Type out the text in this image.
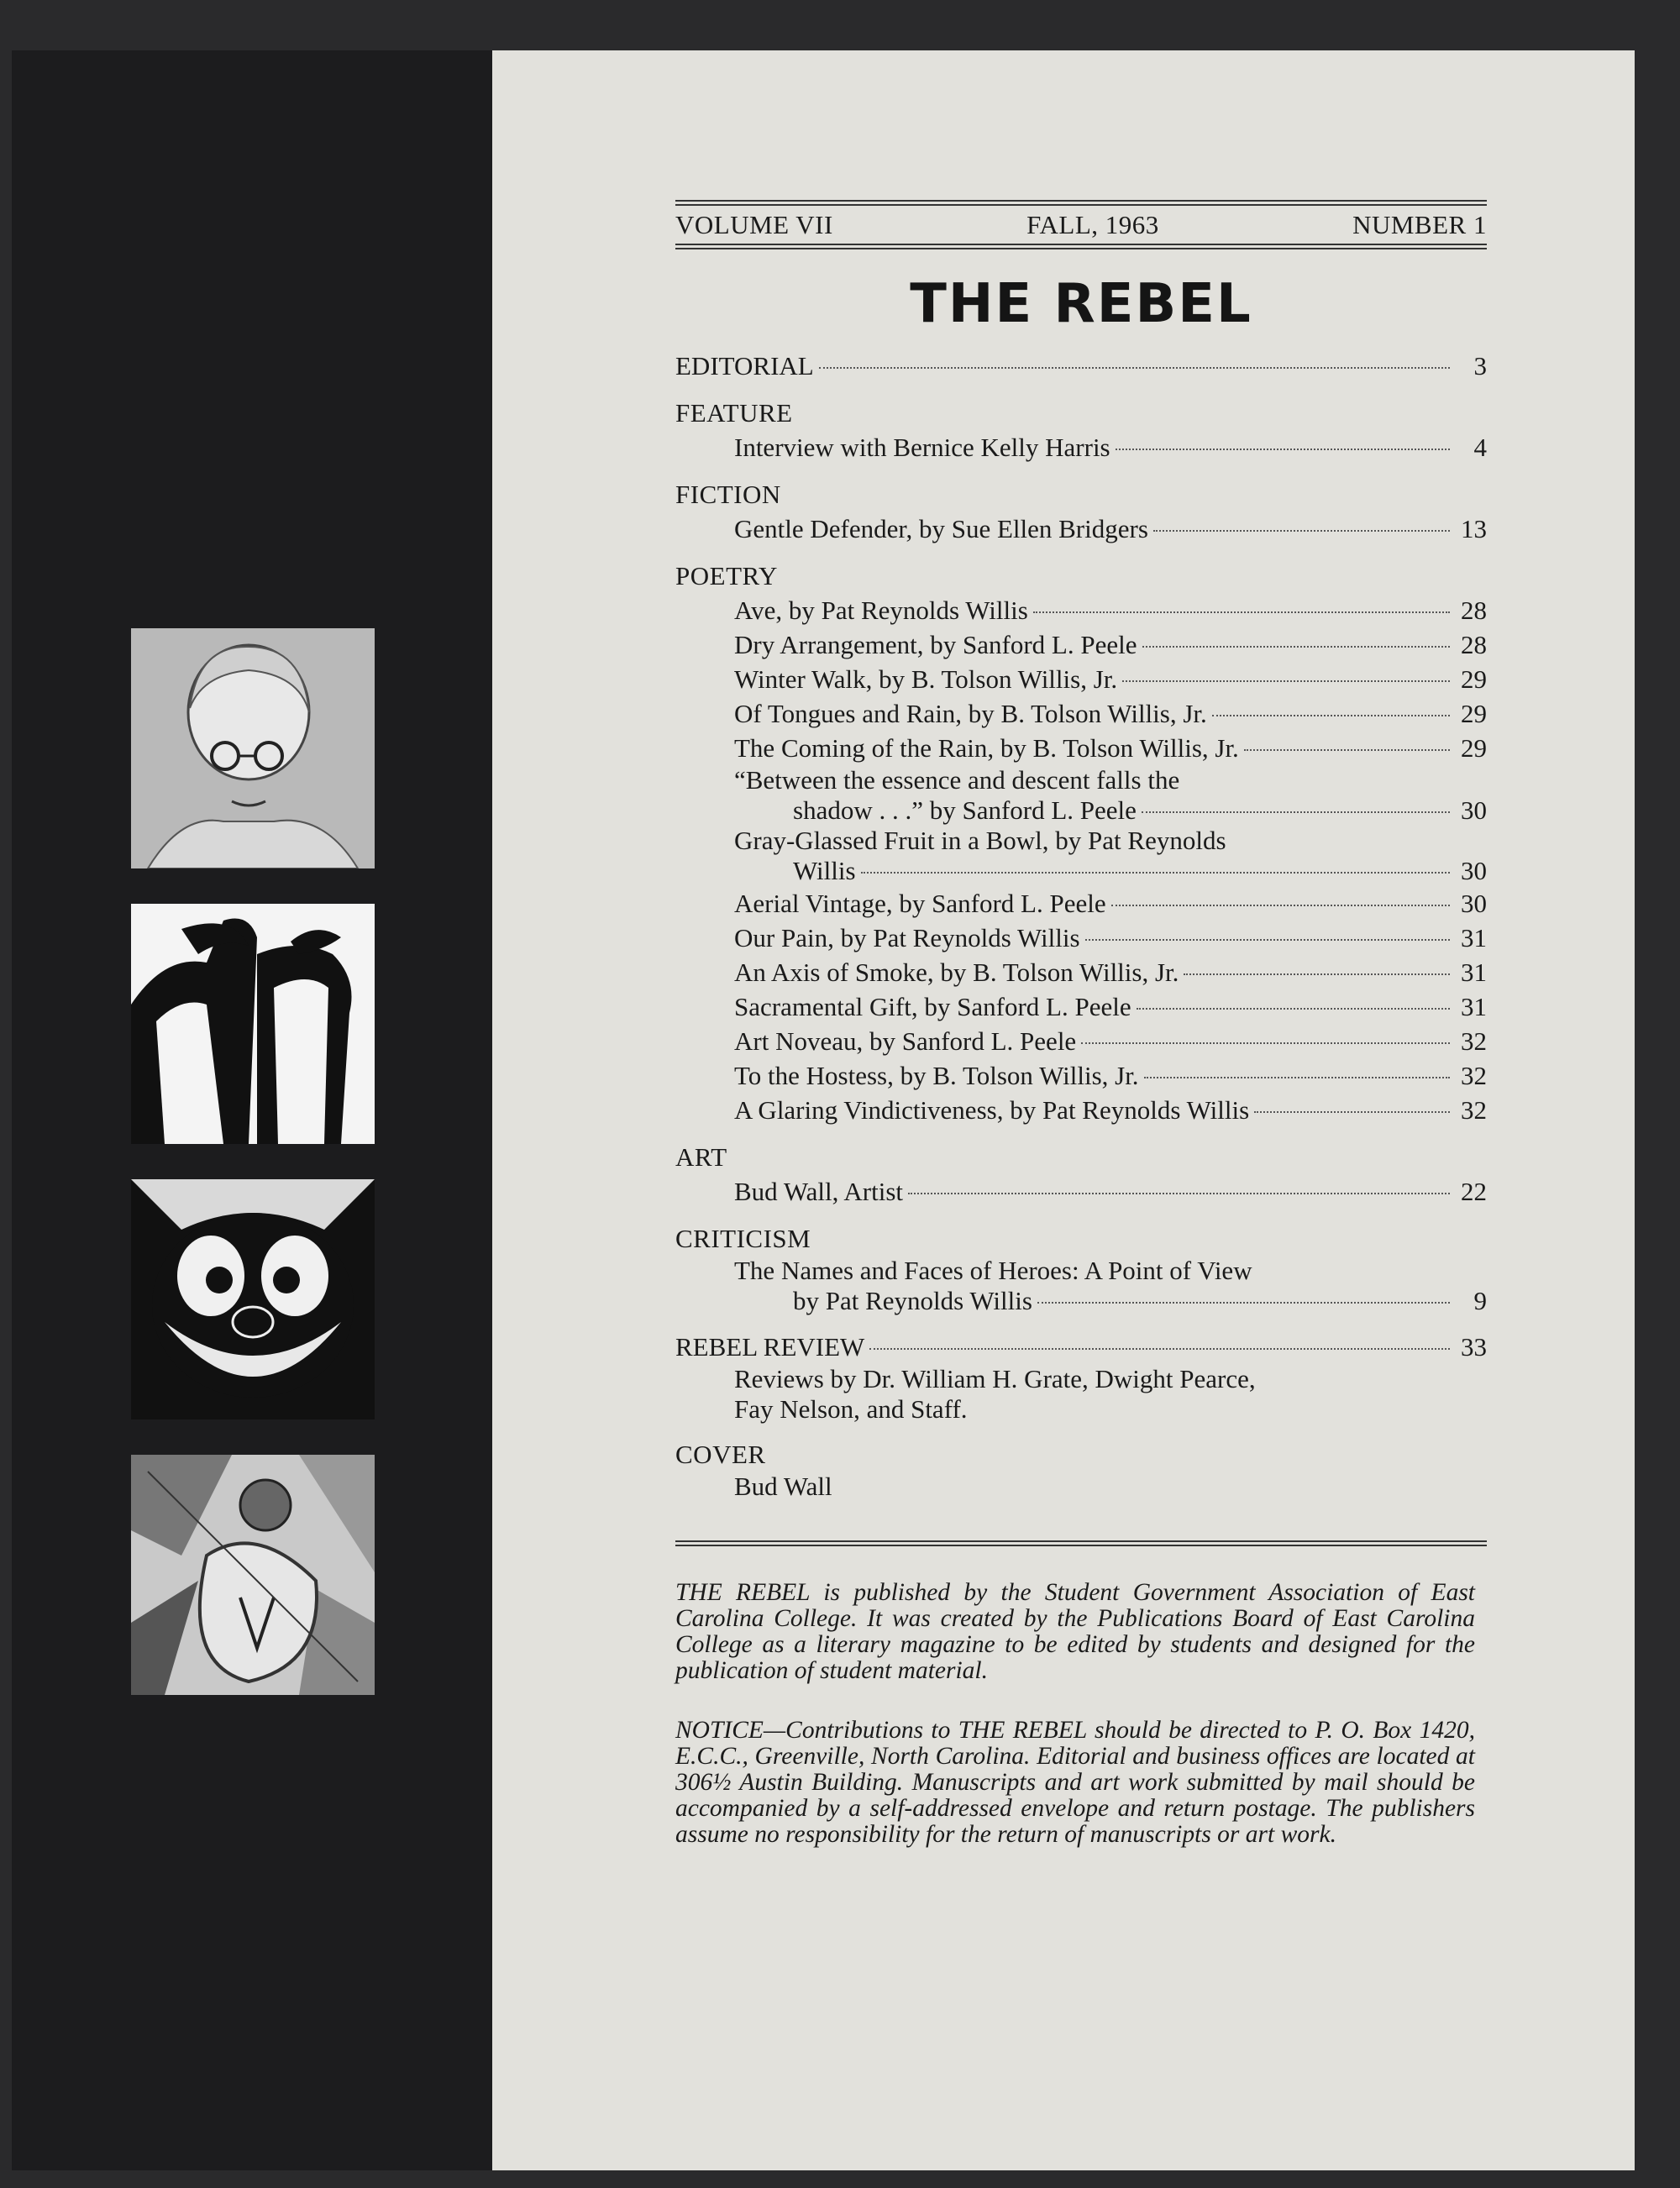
VOLUME VII	FALL, 1963	NUMBER 1
THE REBEL
EDITORIAL	3
FEATURE
Interview with Bernice Kelly Harris	4
FICTION
Gentle Defender, by Sue Ellen Bridgers	13
POETRY
Ave, by Pat Reynolds Willis	28
Dry Arrangement, by Sanford L. Peele	28
Winter Walk, by B. Tolson Willis, Jr.	29
Of Tongues and Rain, by B. Tolson Willis, Jr.	29
The Coming of the Rain, by B. Tolson Willis, Jr.	29
“Between the essence and descent falls the
shadow . . .” by Sanford L. Peele	30
Gray-Glassed Fruit in a Bowl, by Pat Reynolds
Willis	30
Aerial Vintage, by Sanford L. Peele	30
Our Pain, by Pat Reynolds Willis	31
An Axis of Smoke, by B. Tolson Willis, Jr.	31
Sacramental Gift, by Sanford L. Peele	31
Art Noveau, by Sanford L. Peele	32
To the Hostess, by B. Tolson Willis, Jr.	32
A Glaring Vindictiveness, by Pat Reynolds Willis	32
ART
Bud Wall, Artist	22
CRITICISM
The Names and Faces of Heroes: A Point of View
by Pat Reynolds Willis	9
REBEL REVIEW	33
Reviews by Dr. William H. Grate, Dwight Pearce,
Fay Nelson, and Staff.
COVER
Bud Wall
THE REBEL is published by the Student Government Association of East Carolina College. It was created by the Publications Board of East Carolina College as a literary magazine to be edited by students and designed for the publication of student material.
NOTICE—Contributions to THE REBEL should be directed to P. O. Box 1420, E.C.C., Greenville, North Carolina. Editorial and business offices are located at 306½ Austin Building. Manuscripts and art work submitted by mail should be accompanied by a self-addressed envelope and return postage. The publishers assume no responsibility for the return of manuscripts or art work.
